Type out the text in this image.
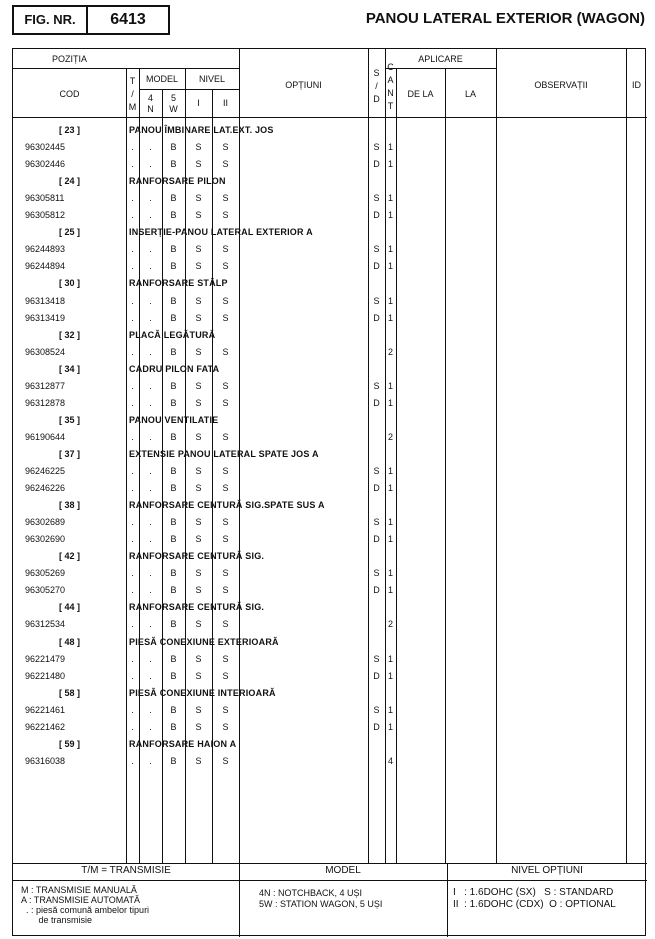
FIG. NR.	6413	PANOU LATERAL EXTERIOR (WAGON)
POZIȚIA
COD
T
/
M
MODEL
4
N
5
W
NIVEL
I	II
OPȚIUNI
S
/
D
C
A
N
T
APLICARE
DE LA	LA
OBSERVAȚII	ID
[ 23 ]	PANOU ÎMBINARE LAT.EXT. JOS
96302445	.	.	B	S	S	S 1
96302446	.	.	B	S	S	D 1
[ 24 ]	RANFORSARE PILON
96305811	.	.	B	S	S	S 1
96305812	.	.	B	S	S	D 1
[ 25 ]	INSERȚIE-PANOU LATERAL EXTERIOR A
96244893	.	.	B	S	S	S 1
96244894	.	.	B	S	S	D 1
[ 30 ]	RANFORSARE STÂLP
96313418	.	.	B	S	S	S 1
96313419	.	.	B	S	S	D 1
[ 32 ]	PLACĂ LEGĂTURĂ
96308524	.	.	B	S	S	2
[ 34 ]	CADRU PILON FATA
96312877	.	.	B	S	S	S 1
96312878	.	.	B	S	S	D 1
[ 35 ]	PANOU VENTILATIE
96190644	.	.	B	S	S	2
[ 37 ]	EXTENSIE PANOU LATERAL SPATE JOS A
96246225	.	.	B	S	S	S 1
96246226	.	.	B	S	S	D 1
[ 38 ]	RANFORSARE CENTURĂ SIG.SPATE SUS A
96302689	.	.	B	S	S	S 1
96302690	.	.	B	S	S	D 1
[ 42 ]	RANFORSARE CENTURĂ SIG.
96305269	.	.	B	S	S	S 1
96305270	.	.	B	S	S	D 1
[ 44 ]	RANFORSARE CENTURĂ SIG.
96312534	.	.	B	S	S	2
[ 48 ]	PIESĂ CONEXIUNE EXTERIOARĂ
96221479	.	.	B	S	S	S 1
96221480	.	.	B	S	S	D 1
[ 58 ]	PIESĂ CONEXIUNE INTERIOARĂ
96221461	.	.	B	S	S	S 1
96221462	.	.	B	S	S	D 1
[ 59 ]	RANFORSARE HAION A
96316038	.	.	B	S	S	4
T/M = TRANSMISIE	MODEL	NIVEL OPȚIUNI
M : TRANSMISIE MANUALĂ
A : TRANSMISIE AUTOMATĂ
. : piesă comună ambelor tipuri
de transmisie
4N : NOTCHBACK, 4 UȘI
5W : STATION WAGON, 5 UȘI
I   : 1.6DOHC (SX)   S : STANDARD
II  : 1.6DOHC (CDX)  O : OPTIONAL
